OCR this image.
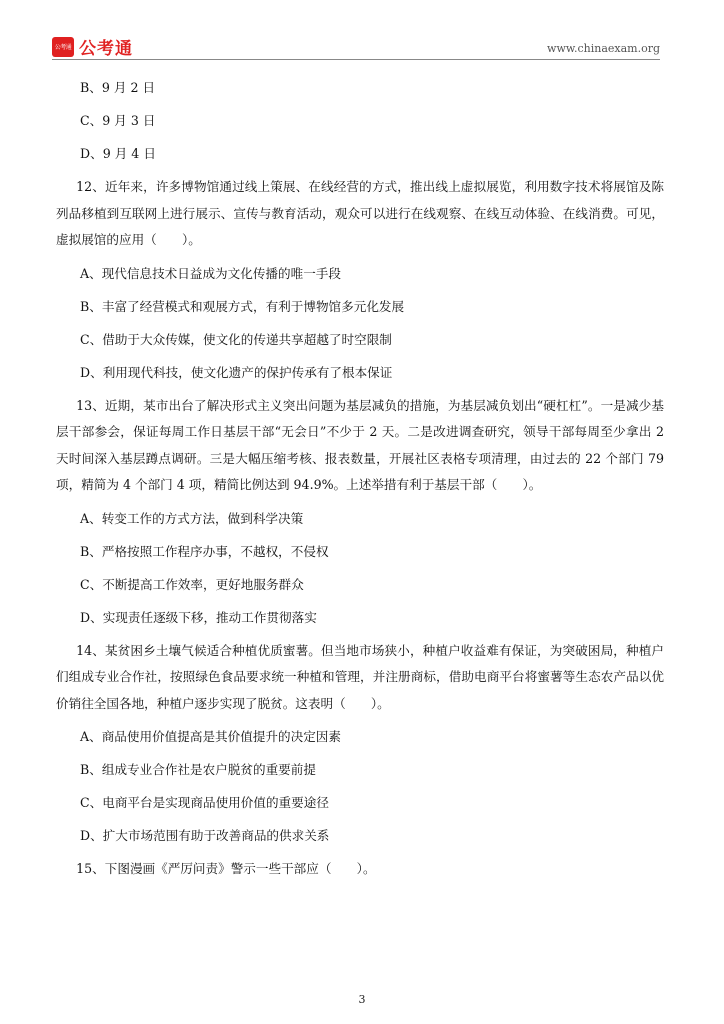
公考通 公考通	www.chinaexam.org
B、9 月 2 日
C、9 月 3 日
D、9 月 4 日
12、近年来，许多博物馆通过线上策展、在线经营的方式，推出线上虚拟展览，利用数字技术将展馆及陈列品移植到互联网上进行展示、宣传与教育活动，观众可以进行在线观察、在线互动体验、在线消费。可见，虚拟展馆的应用（　　）。
A、现代信息技术日益成为文化传播的唯一手段
B、丰富了经营模式和观展方式，有利于博物馆多元化发展
C、借助于大众传媒，使文化的传递共享超越了时空限制
D、利用现代科技，使文化遗产的保护传承有了根本保证
13、近期，某市出台了解决形式主义突出问题为基层减负的措施，为基层减负划出“硬杠杠”。一是减少基层干部参会，保证每周工作日基层干部“无会日”不少于 2 天。二是改进调查研究，领导干部每周至少拿出 2 天时间深入基层蹲点调研。三是大幅压缩考核、报表数量，开展社区表格专项清理，由过去的 22 个部门 79 项，精简为 4 个部门 4 项，精简比例达到 94.9%。上述举措有利于基层干部（　　）。
A、转变工作的方式方法，做到科学决策
B、严格按照工作程序办事，不越权，不侵权
C、不断提高工作效率，更好地服务群众
D、实现责任逐级下移，推动工作贯彻落实
14、某贫困乡土壤气候适合种植优质蜜薯。但当地市场狭小，种植户收益难有保证，为突破困局，种植户们组成专业合作社，按照绿色食品要求统一种植和管理，并注册商标，借助电商平台将蜜薯等生态农产品以优价销往全国各地，种植户逐步实现了脱贫。这表明（　　）。
A、商品使用价值提高是其价值提升的决定因素
B、组成专业合作社是农户脱贫的重要前提
C、电商平台是实现商品使用价值的重要途径
D、扩大市场范围有助于改善商品的供求关系
15、下图漫画《严厉问责》警示一些干部应（　　）。
3
